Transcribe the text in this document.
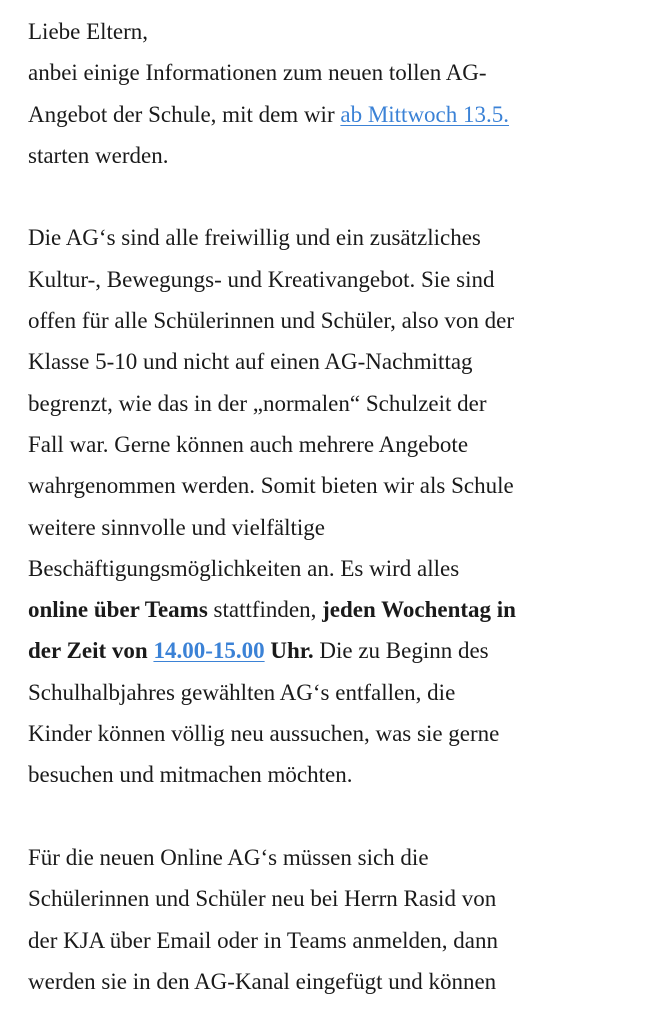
Liebe Eltern,
anbei einige Informationen zum neuen tollen AG-
Angebot der Schule, mit dem wir ab Mittwoch 13.5.
starten werden.
Die AG‘s sind alle freiwillig und ein zusätzliches
Kultur-, Bewegungs- und Kreativangebot. Sie sind
offen für alle Schülerinnen und Schüler, also von der
Klasse 5-10 und nicht auf einen AG-Nachmittag
begrenzt, wie das in der „normalen“ Schulzeit der
Fall war. Gerne können auch mehrere Angebote
wahrgenommen werden. Somit bieten wir als Schule
weitere sinnvolle und vielfältige
Beschäftigungsmöglichkeiten an. Es wird alles
online über Teams stattfinden, jeden Wochentag in
der Zeit von 14.00-15.00 Uhr. Die zu Beginn des
Schulhalbjahres gewählten AG‘s entfallen, die
Kinder können völlig neu aussuchen, was sie gerne
besuchen und mitmachen möchten.
Für die neuen Online AG‘s müssen sich die
Schülerinnen und Schüler neu bei Herrn Rasid von
der KJA über Email oder in Teams anmelden, dann
werden sie in den AG-Kanal eingefügt und können
